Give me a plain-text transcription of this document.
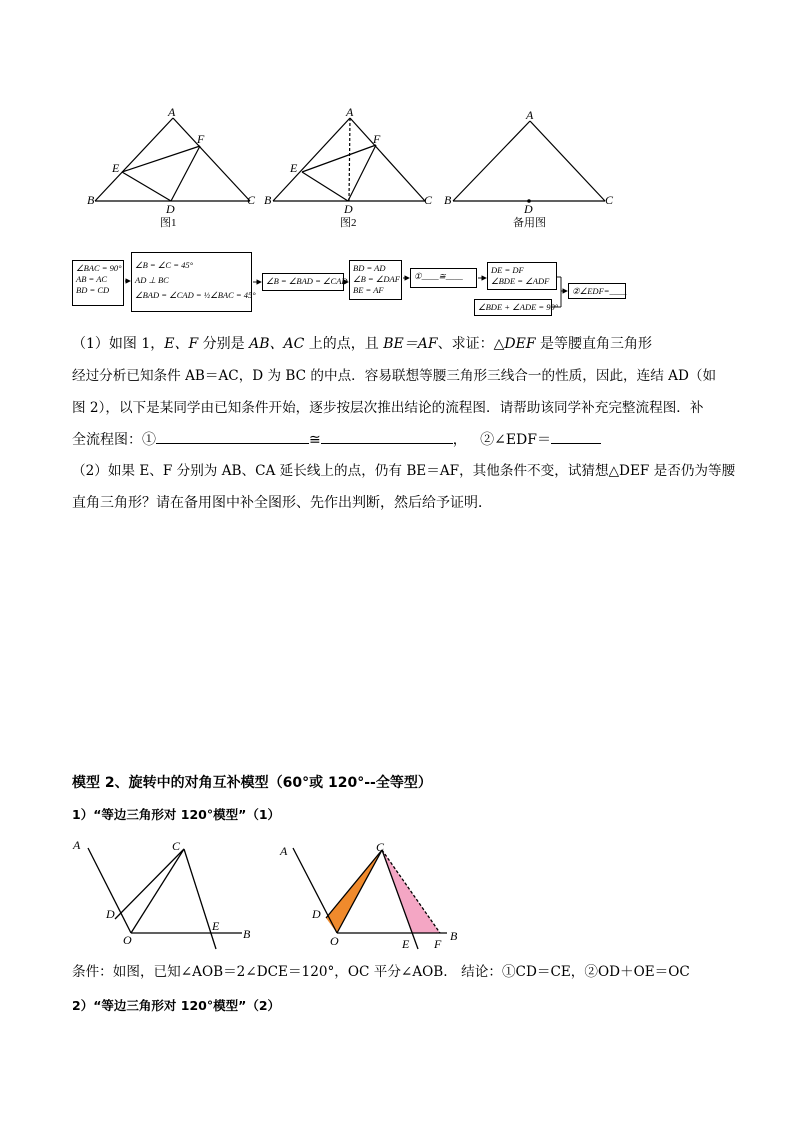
A
B	C
D
E
F
图1
A
B	C
D
E
F
图2
A
B	C
D
备用图
∠BAC = 90°
AB = AC
BD = CD
∠B = ∠C = 45°
AD ⊥ BC
∠BAD = ∠CAD = ½∠BAC = 45°
∠B = ∠BAD = ∠CAD
BD = AD
∠B = ∠DAF
BE = AF
①____≅____
DE = DF
∠BDE = ∠ADF
∠BDE + ∠ADE = 90°
②∠EDF=____
（1）如图 1，E、F 分别是 AB、AC 上的点，且 BE＝AF、求证：△DEF 是等腰直角三角形
经过分析已知条件 AB＝AC，D 为 BC 的中点．容易联想等腰三角形三线合一的性质，因此，连结 AD（如
图 2），以下是某同学由已知条件开始，逐步按层次推出结论的流程图．请帮助该同学补充完整流程图．补
全流程图：①	≅	， ②∠EDF＝
（2）如果 E、F 分别为 AB、CA 延长线上的点，仍有 BE＝AF，其他条件不变，试猜想△DEF 是否仍为等腰
直角三角形？请在备用图中补全图形、先作出判断，然后给予证明．
模型 2、旋转中的对角互补模型（60°或 120°--全等型）
1）“等边三角形对 120°模型”（1）
A	C
D
O
E
B
A	C
D
O	E F
B
条件：如图，已知∠AOB＝2∠DCE＝120°，OC 平分∠AOB.　结论：①CD＝CE，②OD＋OE＝OC
2）“等边三角形对 120°模型”（2）
